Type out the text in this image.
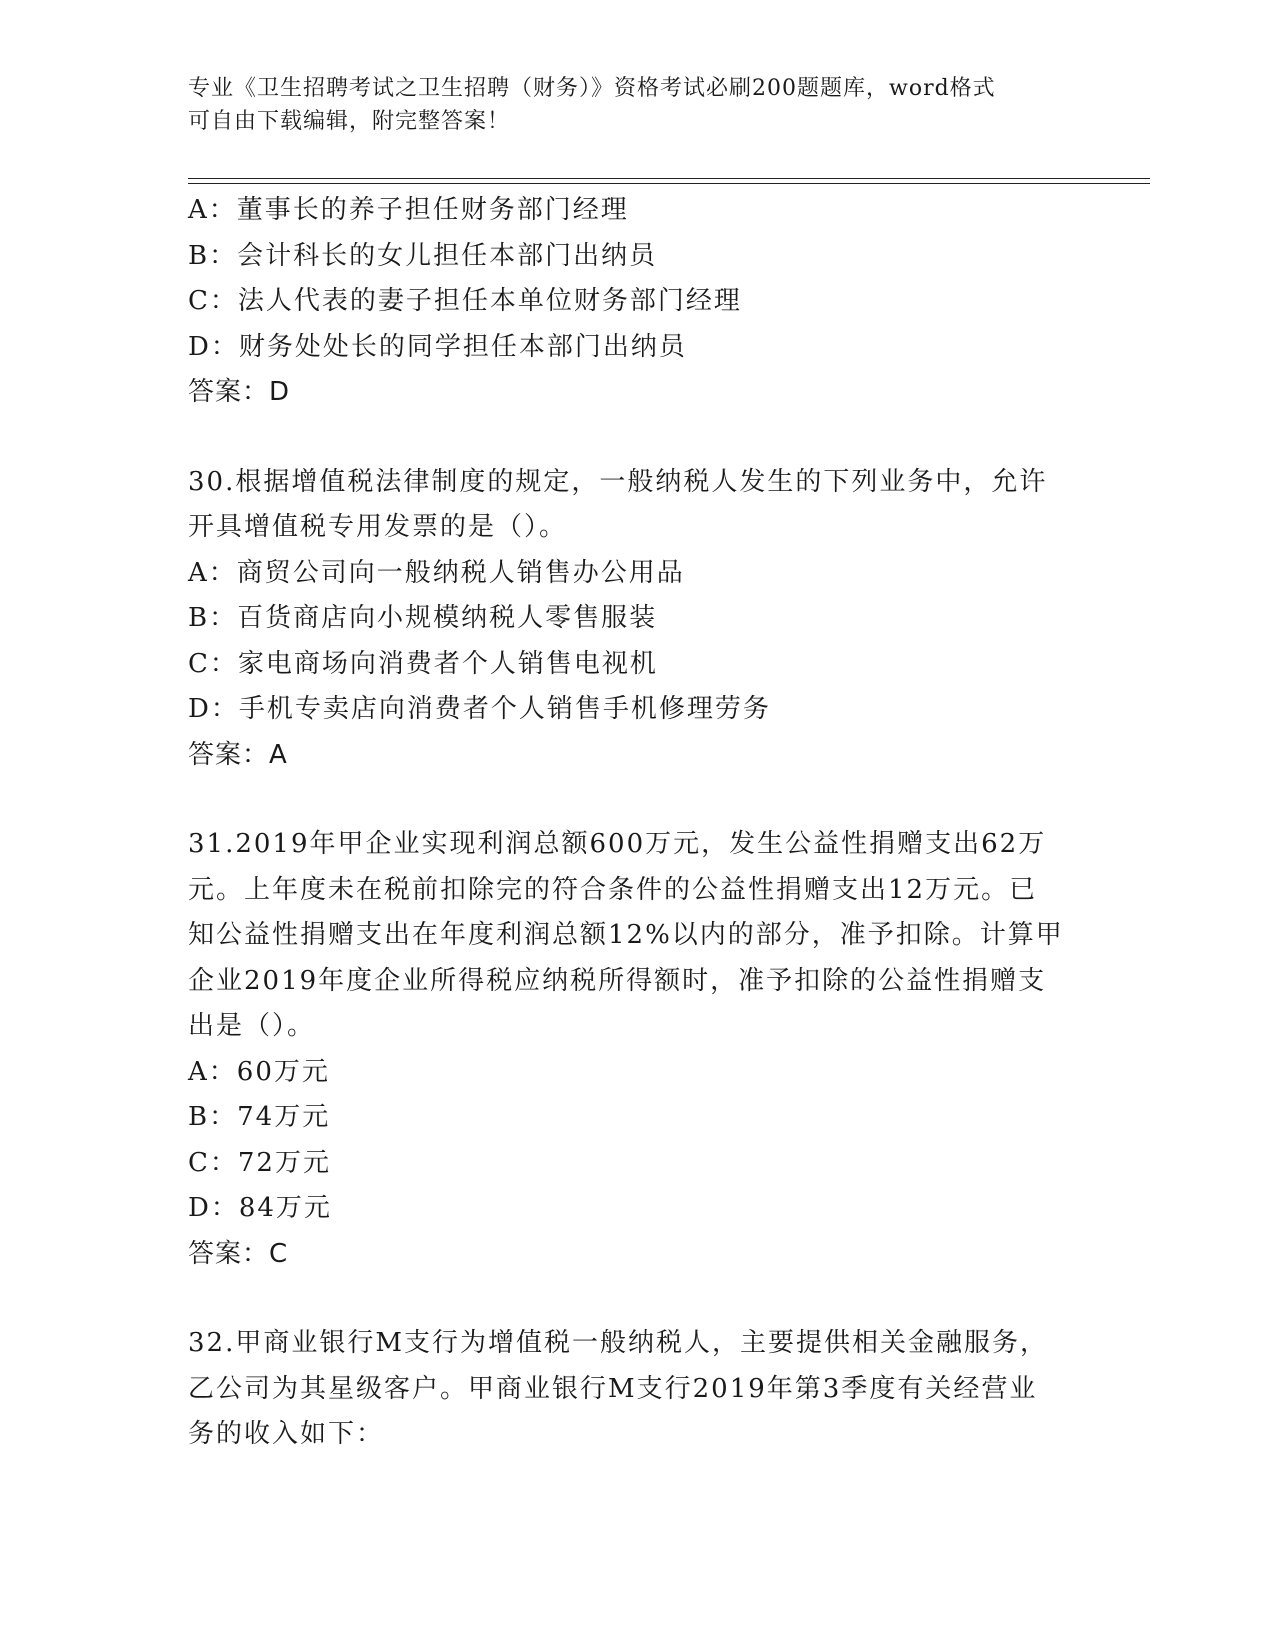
专业《卫生招聘考试之卫生招聘（财务）》资格考试必刷200题题库，word格式
可自由下载编辑，附完整答案！
A：董事长的养子担任财务部门经理
B：会计科长的女儿担任本部门出纳员
C：法人代表的妻子担任本单位财务部门经理
D：财务处处长的同学担任本部门出纳员
答案：D
30.根据增值税法律制度的规定，一般纳税人发生的下列业务中，允许
开具增值税专用发票的是（）。
A：商贸公司向一般纳税人销售办公用品
B：百货商店向小规模纳税人零售服装
C：家电商场向消费者个人销售电视机
D：手机专卖店向消费者个人销售手机修理劳务
答案：A
31.2019年甲企业实现利润总额600万元，发生公益性捐赠支出62万
元。上年度未在税前扣除完的符合条件的公益性捐赠支出12万元。已
知公益性捐赠支出在年度利润总额12%以内的部分，准予扣除。计算甲
企业2019年度企业所得税应纳税所得额时，准予扣除的公益性捐赠支
出是（）。
A：60万元
B：74万元
C：72万元
D：84万元
答案：C
32.甲商业银行M支行为增值税一般纳税人，主要提供相关金融服务，
乙公司为其星级客户。甲商业银行M支行2019年第3季度有关经营业
务的收入如下：
